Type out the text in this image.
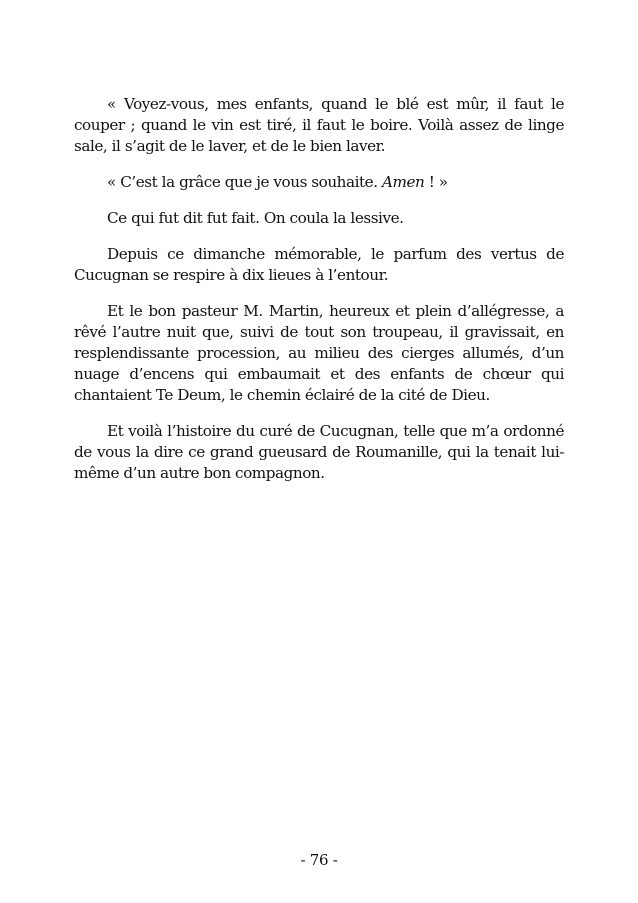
« Voyez-vous, mes enfants, quand le blé est mûr, il faut le couper ; quand le vin est tiré, il faut le boire. Voilà assez de linge sale, il s’agit de le laver, et de le bien laver.

« C’est la grâce que je vous souhaite. Amen ! »

Ce qui fut dit fut fait. On coula la lessive.

Depuis ce dimanche mémorable, le parfum des vertus de Cucugnan se respire à dix lieues à l’entour.

Et le bon pasteur M. Martin, heureux et plein d’allégresse, a rêvé l’autre nuit que, suivi de tout son troupeau, il gravissait, en resplendissante procession, au milieu des cierges allumés, d’un nuage d’encens qui embaumait et des enfants de chœur qui chantaient Te Deum, le chemin éclairé de la cité de Dieu.

Et voilà l’histoire du curé de Cucugnan, telle que m’a ordonné de vous la dire ce grand gueusard de Roumanille, qui la tenait lui-même d’un autre bon compagnon.

- 76 -
